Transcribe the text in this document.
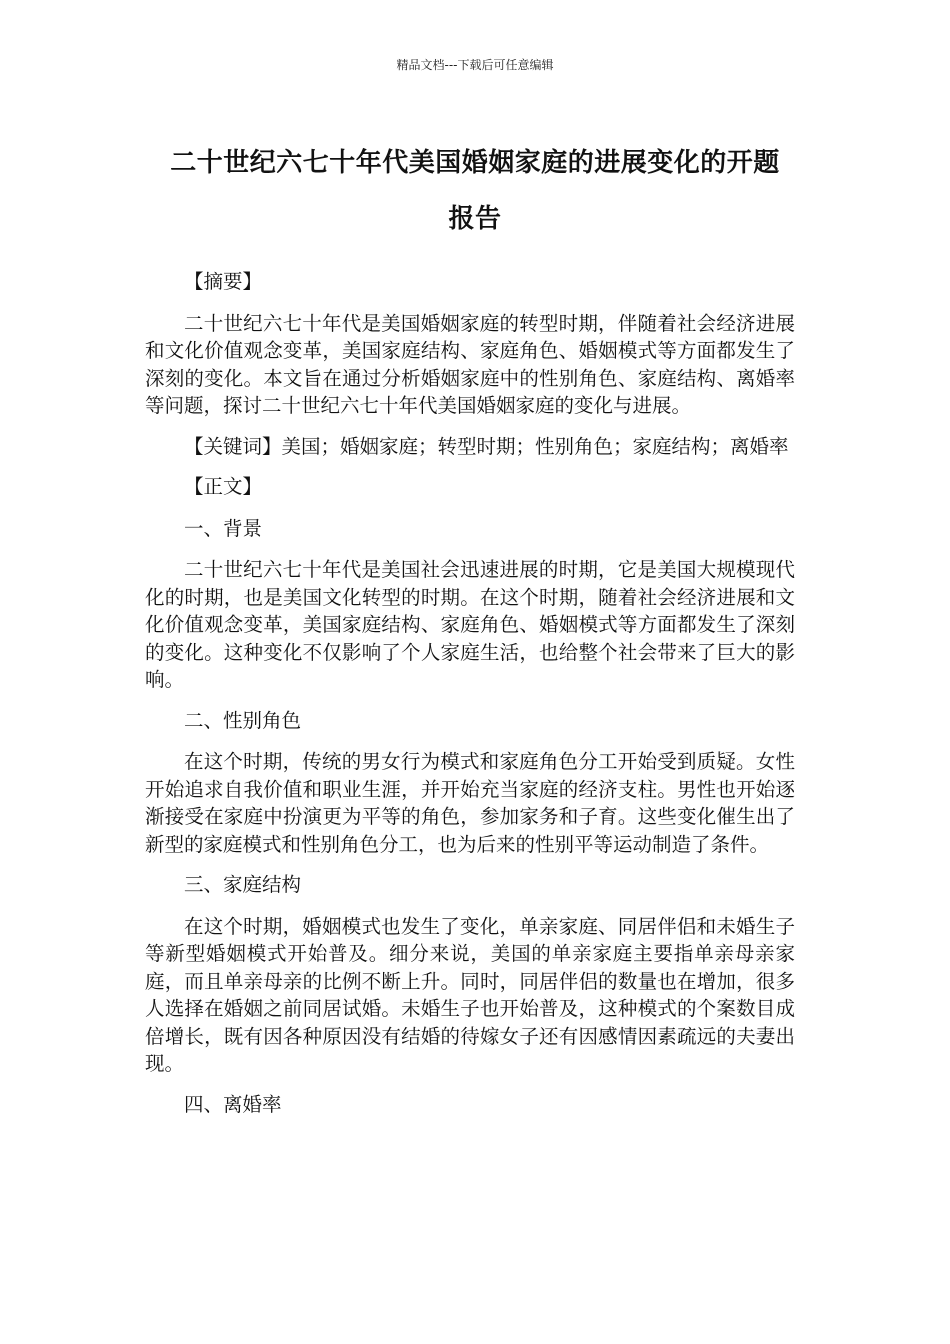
精品文档---下载后可任意编辑
二十世纪六七十年代美国婚姻家庭的进展变化的开题
报告

【摘要】

二十世纪六七十年代是美国婚姻家庭的转型时期，伴随着社会经济进展和文化价值观念变革，美国家庭结构、家庭角色、婚姻模式等方面都发生了深刻的变化。本文旨在通过分析婚姻家庭中的性别角色、家庭结构、离婚率等问题，探讨二十世纪六七十年代美国婚姻家庭的变化与进展。

【关键词】美国；婚姻家庭；转型时期；性别角色；家庭结构；离婚率

【正文】

一、背景

二十世纪六七十年代是美国社会迅速进展的时期，它是美国大规模现代化的时期，也是美国文化转型的时期。在这个时期，随着社会经济进展和文化价值观念变革，美国家庭结构、家庭角色、婚姻模式等方面都发生了深刻的变化。这种变化不仅影响了个人家庭生活，也给整个社会带来了巨大的影响。

二、性别角色

在这个时期，传统的男女行为模式和家庭角色分工开始受到质疑。女性开始追求自我价值和职业生涯，并开始充当家庭的经济支柱。男性也开始逐渐接受在家庭中扮演更为平等的角色，参加家务和子育。这些变化催生出了新型的家庭模式和性别角色分工，也为后来的性别平等运动制造了条件。

三、家庭结构

在这个时期，婚姻模式也发生了变化，单亲家庭、同居伴侣和未婚生子等新型婚姻模式开始普及。细分来说，美国的单亲家庭主要指单亲母亲家庭，而且单亲母亲的比例不断上升。同时，同居伴侣的数量也在增加，很多人选择在婚姻之前同居试婚。未婚生子也开始普及，这种模式的个案数目成倍增长，既有因各种原因没有结婚的待嫁女子还有因感情因素疏远的夫妻出现。

四、离婚率
